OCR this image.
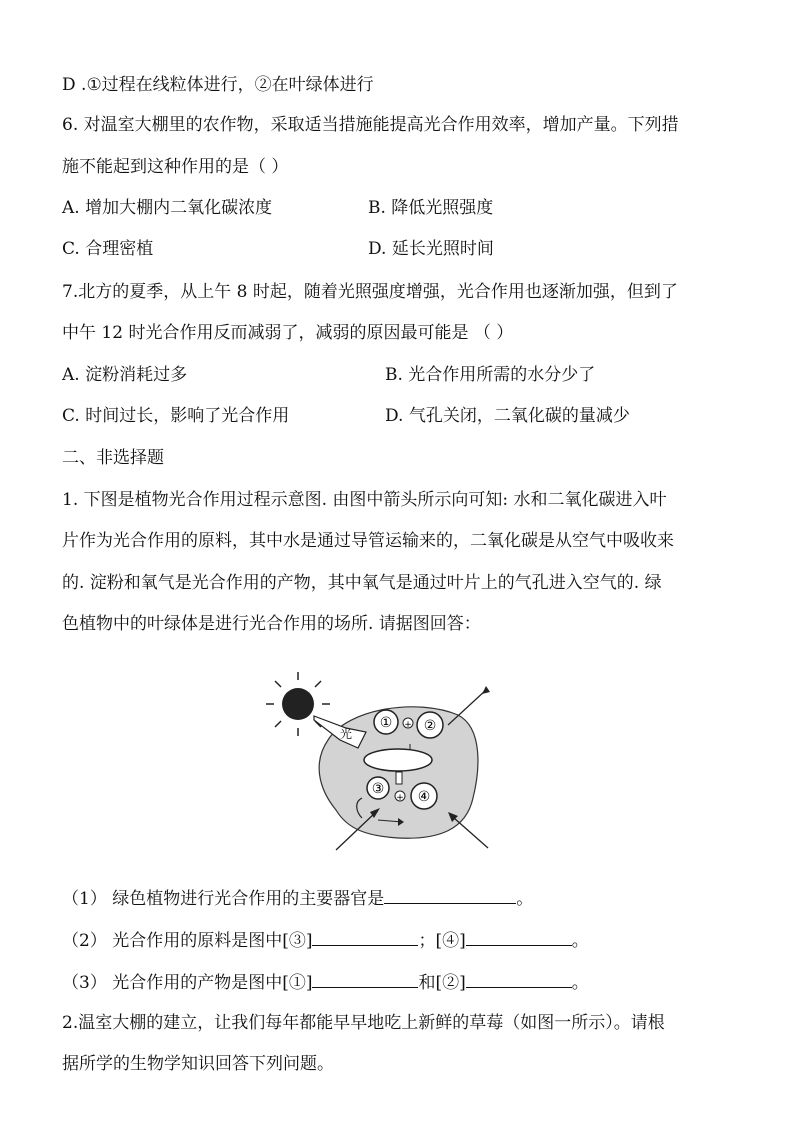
D .①过程在线粒体进行，②在叶绿体进行
6. 对温室大棚里的农作物，采取适当措施能提高光合作用效率，增加产量。下列措
施不能起到这种作用的是（ ）
A. 增加大棚内二氧化碳浓度	B. 降低光照强度
C. 合理密植	D. 延长光照时间
7.北方的夏季，从上午 8 时起，随着光照强度增强，光合作用也逐渐加强，但到了
中午 12 时光合作用反而减弱了，减弱的原因最可能是 （ ）
A. 淀粉消耗过多	B. 光合作用所需的水分少了
C. 时间过长，影响了光合作用	D. 气孔关闭，二氧化碳的量减少
二、非选择题
1. 下图是植物光合作用过程示意图. 由图中箭头所示向可知: 水和二氧化碳进入叶
片作为光合作用的原料，其中水是通过导管运输来的，二氧化碳是从空气中吸收来
的. 淀粉和氧气是光合作用的产物，其中氧气是通过叶片上的气孔进入空气的. 绿
色植物中的叶绿体是进行光合作用的场所. 请据图回答：
光
① + ②
③
+ ④
（1） 绿色植物进行光合作用的主要器官是	。
（2） 光合作用的原料是图中[③]	；[④]	。
（3） 光合作用的产物是图中[①]	和[②]	。
2.温室大棚的建立，让我们每年都能早早地吃上新鲜的草莓（如图一所示）。请根
据所学的生物学知识回答下列问题。
